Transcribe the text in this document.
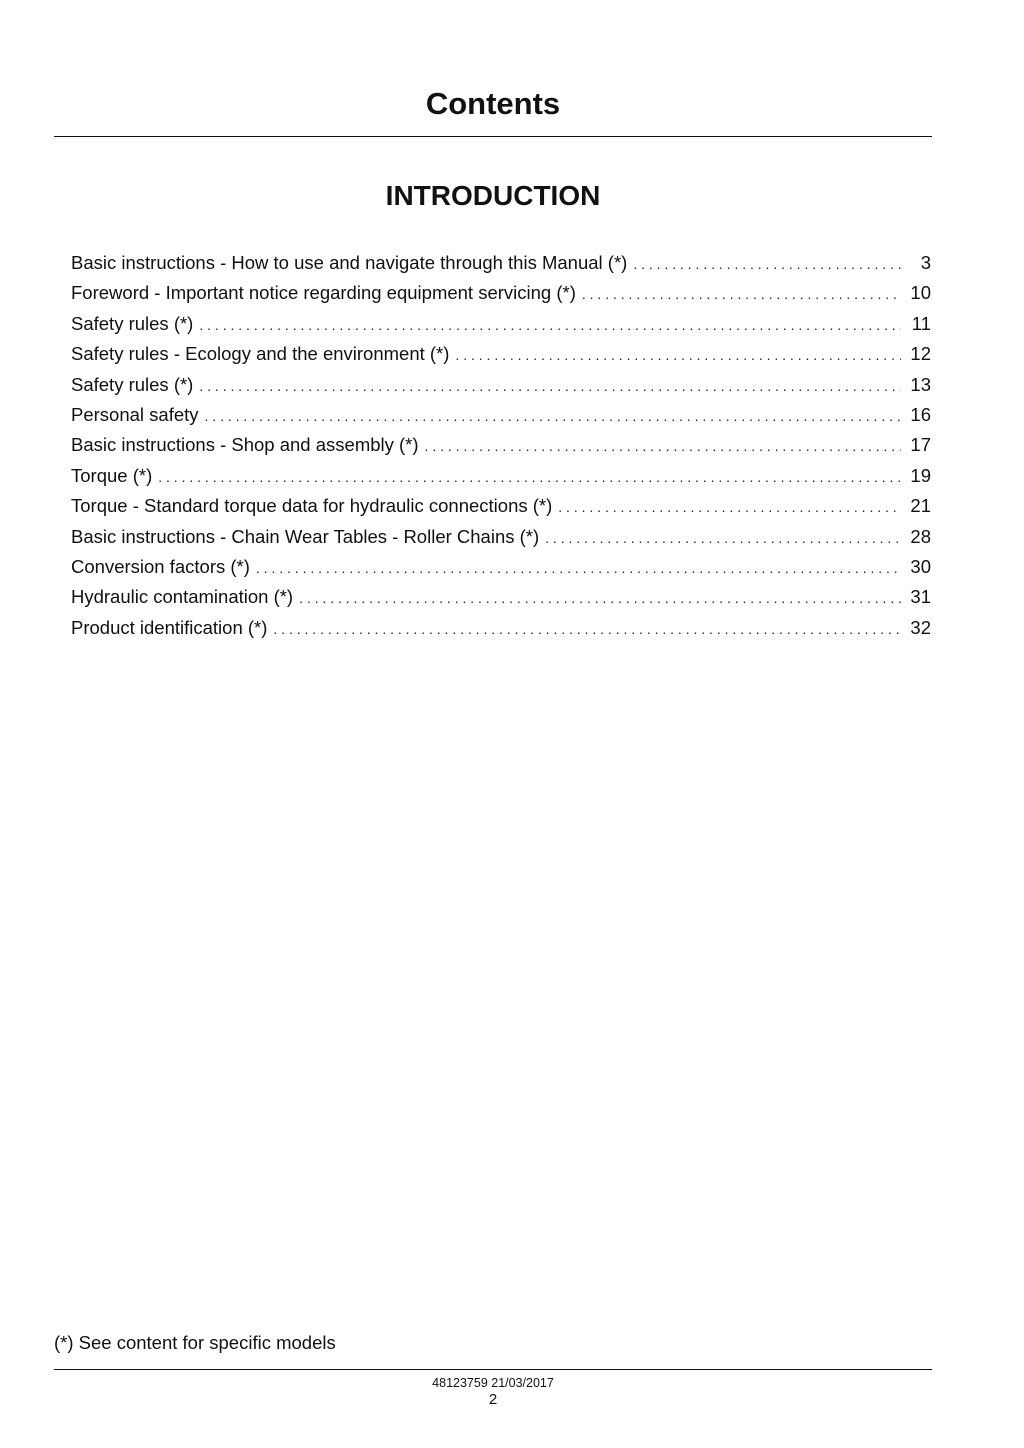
Contents
INTRODUCTION
Basic instructions - How to use and navigate through this Manual (*) . . .	3
Foreword - Important notice regarding equipment servicing (*) . . .	10
Safety rules (*) . . .	11
Safety rules - Ecology and the environment (*) . . .	12
Safety rules (*) . . .	13
Personal safety . . .	16
Basic instructions - Shop and assembly (*) . . .	17
Torque (*) . . .	19
Torque - Standard torque data for hydraulic connections (*) . . .	21
Basic instructions - Chain Wear Tables - Roller Chains (*) . . .	28
Conversion factors (*) . . .	30
Hydraulic contamination (*) . . .	31
Product identification (*) . . .	32

(*) See content for specific models

48123759 21/03/2017

2
